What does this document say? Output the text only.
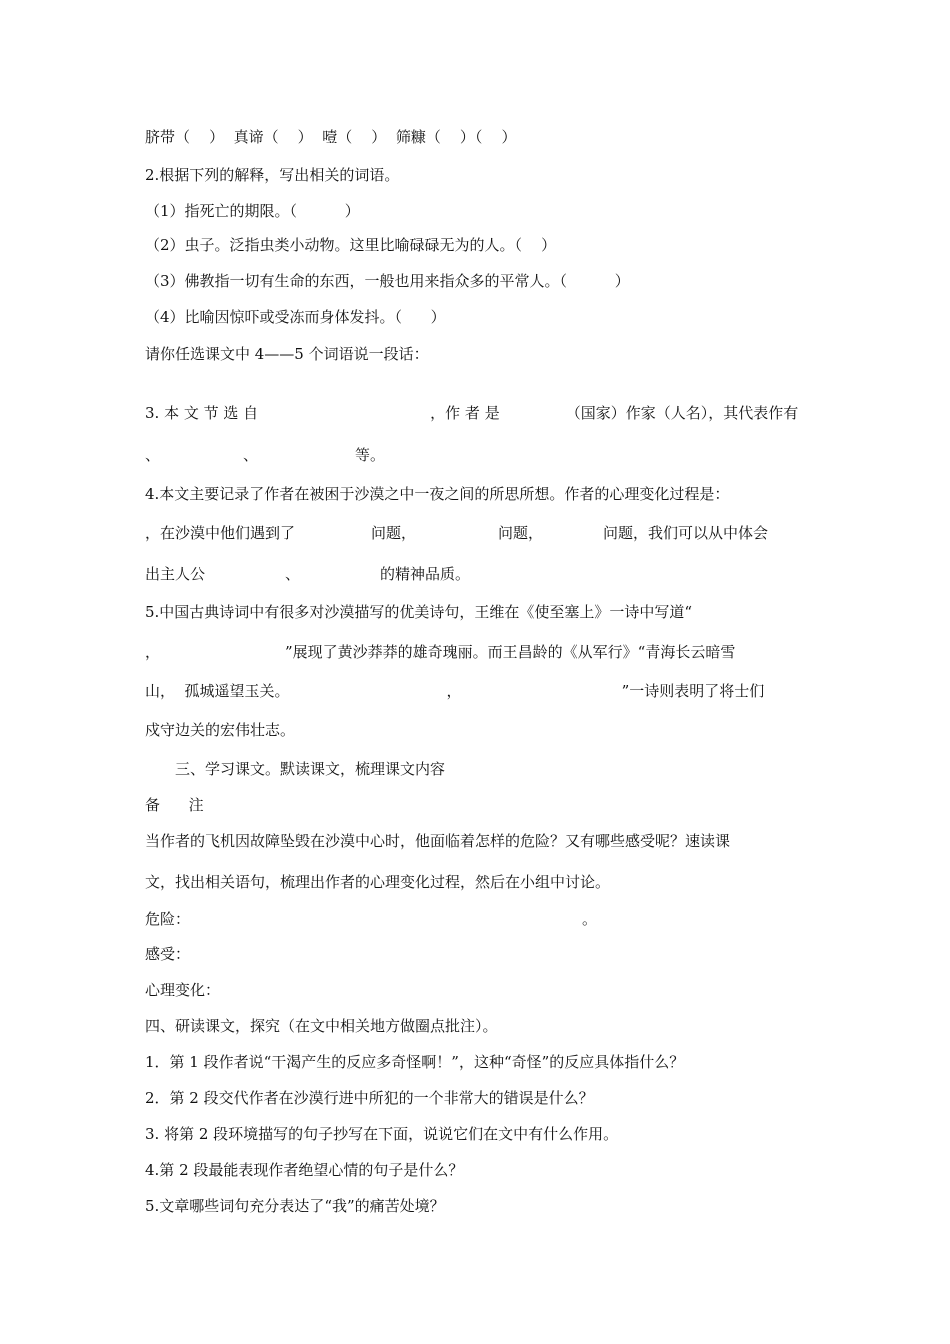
脐带（    ）  真谛（    ）  噎（    ）  筛糠（    ）（    ）
2.根据下列的解释，写出相关的词语。
（1）指死亡的期限。（          ）
（2）虫子。泛指虫类小动物。这里比喻碌碌无为的人。（    ）
（3）佛教指一切有生命的东西，一般也用来指众多的平常人。（          ）
（4）比喻因惊吓或受冻而身体发抖。（      ）
请你任选课文中 4——5 个词语说一段话：
3. 本 文 节 选 自	，作 者 是	（国家）作家（人名），其代表作有
、	、	等。
4.本文主要记录了作者在被困于沙漠之中一夜之间的所思所想。作者的心理变化过程是：
，在沙漠中他们遇到了	问题，	问题，	问题，我们可以从中体会
出主人公	、	的精神品质。
5.中国古典诗词中有很多对沙漠描写的优美诗句，王维在《使至塞上》一诗中写道“
，	”展现了黄沙莽莽的雄奇瑰丽。而王昌龄的《从军行》“青海长云暗雪
山，  孤城遥望玉关。	，	”一诗则表明了将士们
戍守边关的宏伟壮志。
三、学习课文。默读课文，梳理课文内容
备      注
当作者的飞机因故障坠毁在沙漠中心时，他面临着怎样的危险？又有哪些感受呢？速读课
文，找出相关语句，梳理出作者的心理变化过程，然后在小组中讨论。
危险：	。
感受：
心理变化：
四、研读课文，探究（在文中相关地方做圈点批注）。
1．第 1 段作者说“干渴产生的反应多奇怪啊！”，这种“奇怪”的反应具体指什么？
2．第 2 段交代作者在沙漠行进中所犯的一个非常大的错误是什么？
3. 将第 2 段环境描写的句子抄写在下面，说说它们在文中有什么作用。
4.第 2 段最能表现作者绝望心情的句子是什么？
5.文章哪些词句充分表达了“我”的痛苦处境？
